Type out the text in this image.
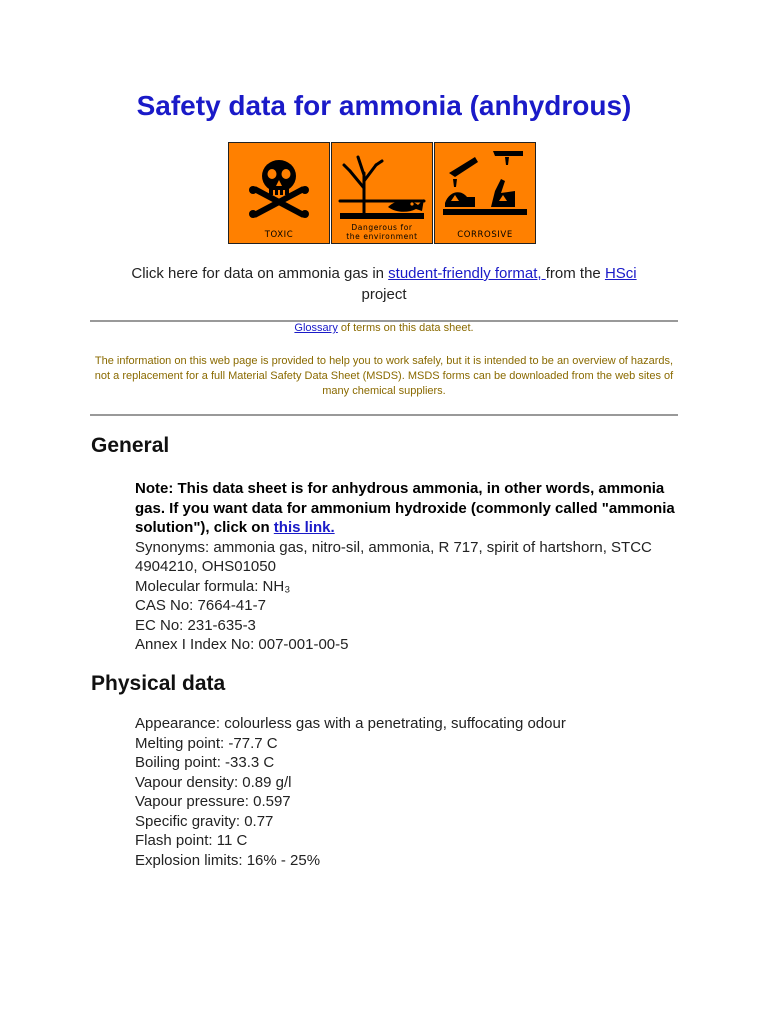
Safety data for ammonia (anhydrous)
TOXIC
Dangerous for
the environment	CORROSIVE
Click here for data on ammonia gas in student-friendly format, from the HSci
project
Glossary of terms on this data sheet.

The information on this web page is provided to help you to work safely, but it is intended to be an overview of hazards, not a replacement for a full Material Safety Data Sheet (MSDS). MSDS forms can be downloaded from the web sites of many chemical suppliers.

General

Note: This data sheet is for anhydrous ammonia, in other words, ammonia gas. If you want data for ammonium hydroxide (commonly called "ammonia solution"), click on this link.

Synonyms: ammonia gas, nitro-sil, ammonia, R 717, spirit of hartshorn, STCC 4904210, OHS01050

Molecular formula: NH₃

CAS No: 7664-41-7

EC No: 231-635-3

Annex I Index No: 007-001-00-5

Physical data

Appearance: colourless gas with a penetrating, suffocating odour

Melting point: -77.7 C

Boiling point: -33.3 C

Vapour density: 0.89 g/l

Vapour pressure: 0.597

Specific gravity: 0.77

Flash point: 11 C

Explosion limits: 16% - 25%
